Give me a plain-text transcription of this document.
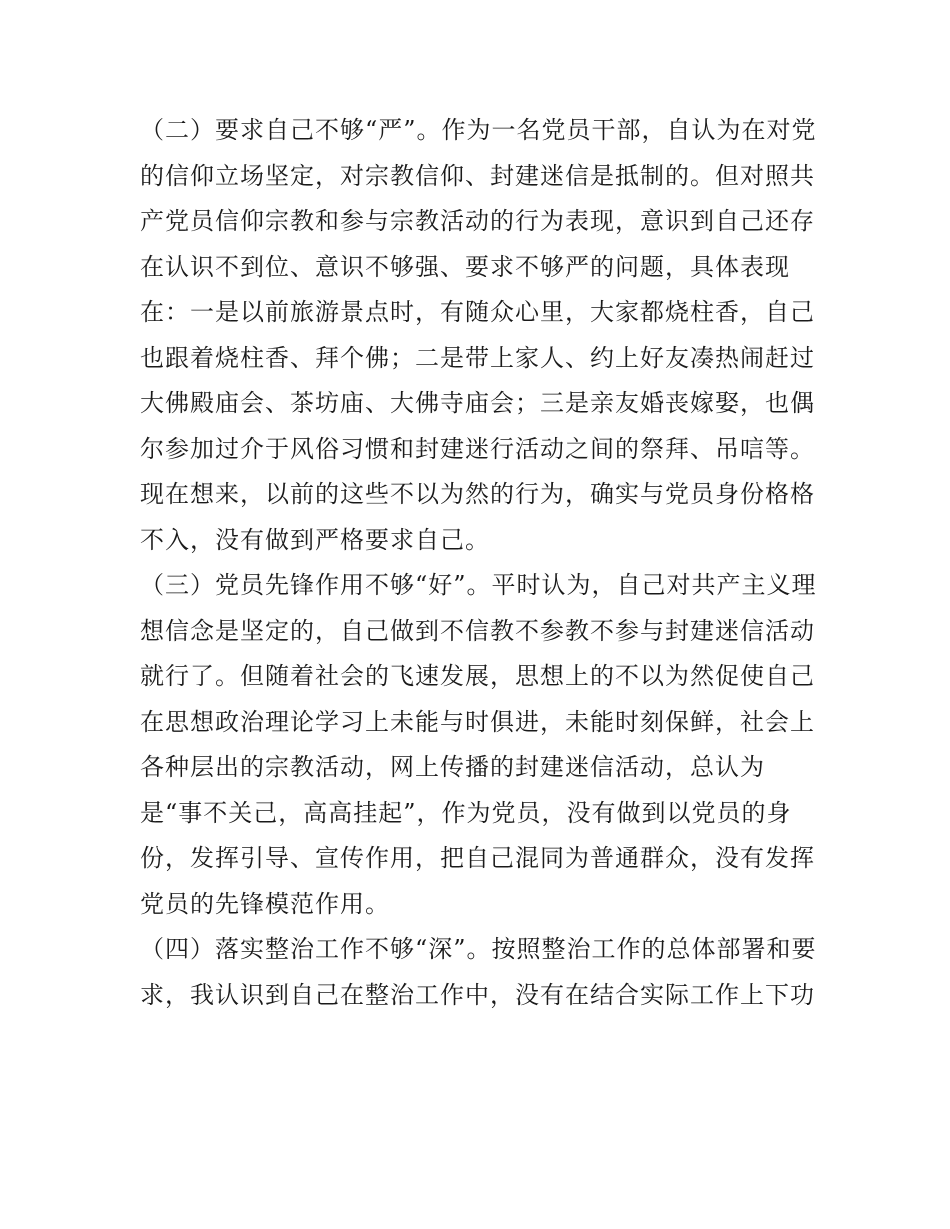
（二）要求自己不够“严”。作为一名党员干部，自认为在对党
的信仰立场坚定，对宗教信仰、封建迷信是抵制的。但对照共
产党员信仰宗教和参与宗教活动的行为表现，意识到自己还存
在认识不到位、意识不够强、要求不够严的问题，具体表现
在：一是以前旅游景点时，有随众心里，大家都烧柱香，自己
也跟着烧柱香、拜个佛；二是带上家人、约上好友凑热闹赶过
大佛殿庙会、茶坊庙、大佛寺庙会；三是亲友婚丧嫁娶，也偶
尔参加过介于风俗习惯和封建迷行活动之间的祭拜、吊唁等。
现在想来，以前的这些不以为然的行为，确实与党员身份格格
不入，没有做到严格要求自己。
（三）党员先锋作用不够“好”。平时认为，自己对共产主义理
想信念是坚定的，自己做到不信教不参教不参与封建迷信活动
就行了。但随着社会的飞速发展，思想上的不以为然促使自己
在思想政治理论学习上未能与时俱进，未能时刻保鲜，社会上
各种层出的宗教活动，网上传播的封建迷信活动，总认为
是“事不关己，高高挂起”，作为党员，没有做到以党员的身
份，发挥引导、宣传作用，把自己混同为普通群众，没有发挥
党员的先锋模范作用。
（四）落实整治工作不够“深”。按照整治工作的总体部署和要
求，我认识到自己在整治工作中，没有在结合实际工作上下功
